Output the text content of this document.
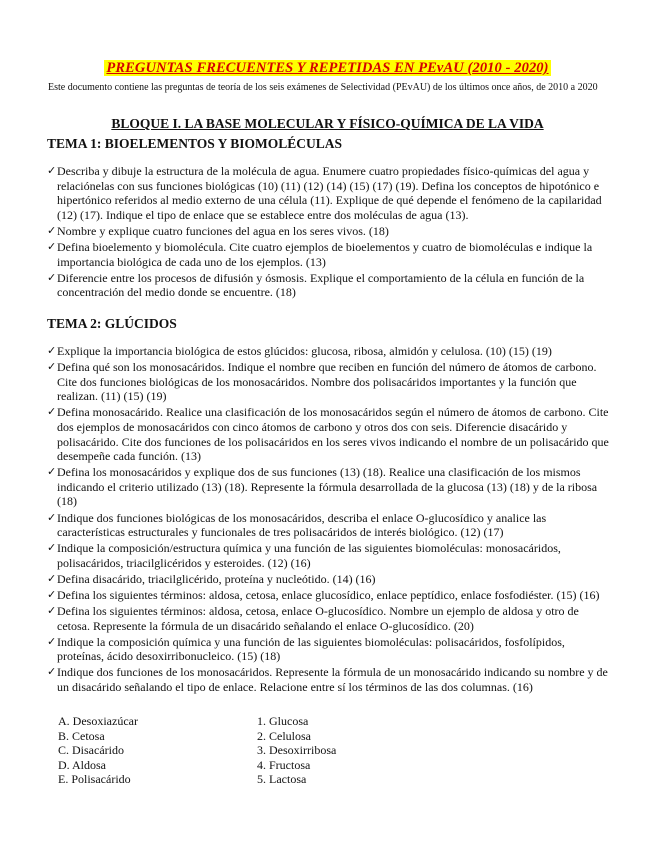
PREGUNTAS FRECUENTES Y REPETIDAS EN PEvAU (2010 - 2020)
Este documento contiene las preguntas de teoría de los seis exámenes de Selectividad (PEvAU) de los últimos once años, de 2010 a 2020
BLOQUE I. LA BASE MOLECULAR Y FÍSICO-QUÍMICA DE LA VIDA
TEMA 1: BIOELEMENTOS Y BIOMOLÉCULAS
✓ Describa y dibuje la estructura de la molécula de agua. Enumere cuatro propiedades físico-químicas del agua y relaciónelas con sus funciones biológicas (10) (11) (12) (14) (15) (17) (19). Defina los conceptos de hipotónico e hipertónico referidos al medio externo de una célula (11). Explique de qué depende el fenómeno de la capilaridad (12) (17). Indique el tipo de enlace que se establece entre dos moléculas de agua (13).
✓ Nombre y explique cuatro funciones del agua en los seres vivos. (18)
✓ Defina bioelemento y biomolécula. Cite cuatro ejemplos de bioelementos y cuatro de biomoléculas e indique la importancia biológica de cada uno de los ejemplos. (13)
✓ Diferencie entre los procesos de difusión y ósmosis. Explique el comportamiento de la célula en función de la concentración del medio donde se encuentre. (18)
TEMA 2: GLÚCIDOS
✓ Explique la importancia biológica de estos glúcidos: glucosa, ribosa, almidón y celulosa. (10) (15) (19)
✓ Defina qué son los monosacáridos. Indique el nombre que reciben en función del número de átomos de carbono. Cite dos funciones biológicas de los monosacáridos. Nombre dos polisacáridos importantes y la función que realizan. (11) (15) (19)
✓ Defina monosacárido. Realice una clasificación de los monosacáridos según el número de átomos de carbono. Cite dos ejemplos de monosacáridos con cinco átomos de carbono y otros dos con seis. Diferencie disacárido y polisacárido. Cite dos funciones de los polisacáridos en los seres vivos indicando el nombre de un polisacárido que desempeñe cada función. (13)
✓ Defina los monosacáridos y explique dos de sus funciones (13) (18). Realice una clasificación de los mismos indicando el criterio utilizado (13) (18). Represente la fórmula desarrollada de la glucosa (13) (18) y de la ribosa (18)
✓ Indique dos funciones biológicas de los monosacáridos, describa el enlace O-glucosídico y analice las características estructurales y funcionales de tres polisacáridos de interés biológico. (12) (17)
✓ Indique la composición/estructura química y una función de las siguientes biomoléculas: monosacáridos, polisacáridos, triacilglicéridos y esteroides. (12) (16)
✓ Defina disacárido, triacilglicérido, proteína y nucleótido. (14) (16)
✓ Defina los siguientes términos: aldosa, cetosa, enlace glucosídico, enlace peptídico, enlace fosfodiéster. (15) (16)
✓ Defina los siguientes términos: aldosa, cetosa, enlace O-glucosídico. Nombre un ejemplo de aldosa y otro de cetosa. Represente la fórmula de un disacárido señalando el enlace O-glucosídico. (20)
✓ Indique la composición química y una función de las siguientes biomoléculas: polisacáridos, fosfolípidos, proteínas, ácido desoxirribonucleico. (15) (18)
✓ Indique dos funciones de los monosacáridos. Represente la fórmula de un monosacárido indicando su nombre y de un disacárido señalando el tipo de enlace. Relacione entre sí los términos de las dos columnas. (16)
A. Desoxiazúcar	1. Glucosa
B. Cetosa	2. Celulosa
C. Disacárido	3. Desoxirribosa
D. Aldosa	4. Fructosa
E. Polisacárido	5. Lactosa
